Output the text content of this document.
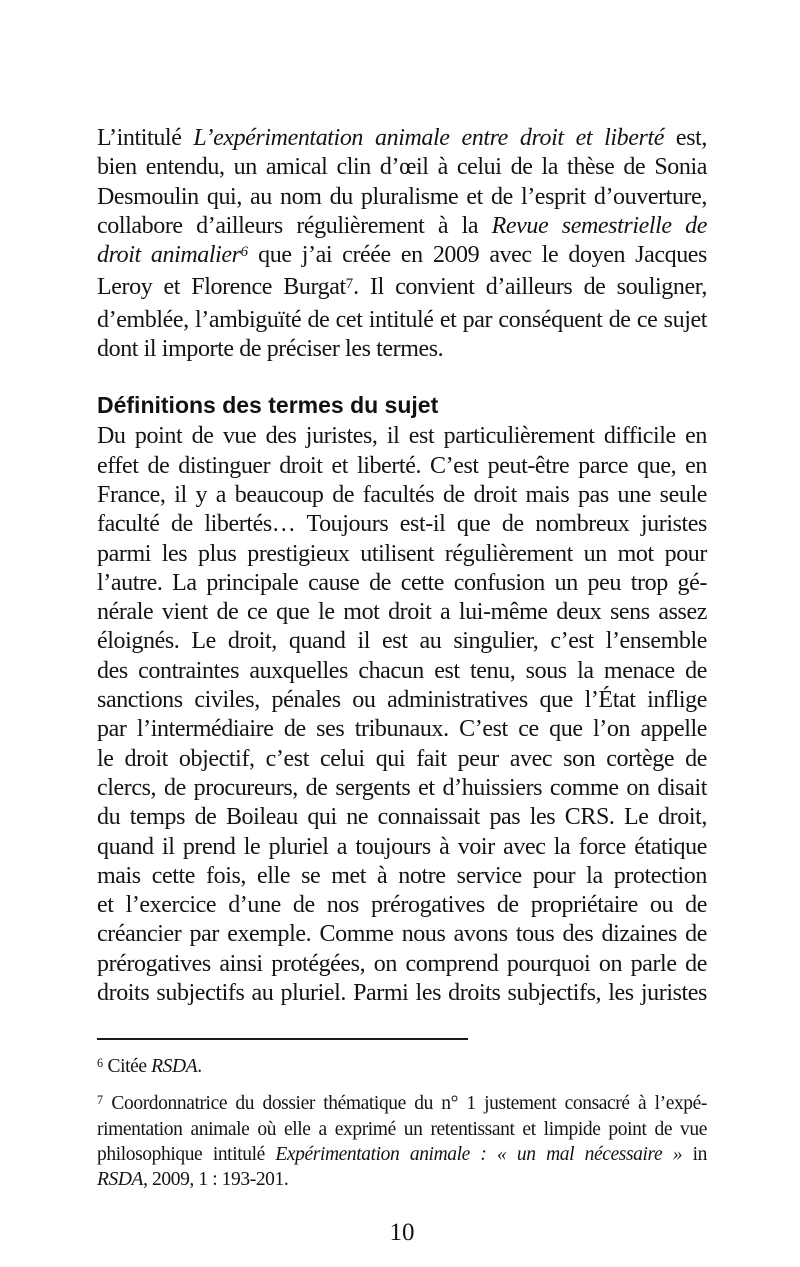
L’intitulé L’expérimentation animale entre droit et liberté est,
bien entendu, un amical clin d’œil à celui de la thèse de Sonia
Desmoulin qui, au nom du pluralisme et de l’esprit d’ouverture,
collabore d’ailleurs régulièrement à la Revue semestrielle de
droit animalier$^6$ que j’ai créée en 2009 avec le doyen Jacques
Leroy et Florence Burgat$^7$. Il convient d’ailleurs de souligner,
d’emblée, l’ambiguïté de cet intitulé et par conséquent de ce sujet
dont il importe de préciser les termes.
Définitions des termes du sujet
Du point de vue des juristes, il est particulièrement difficile en
effet de distinguer droit et liberté. C’est peut-être parce que, en
France, il y a beaucoup de facultés de droit mais pas une seule
faculté de libertés… Toujours est-il que de nombreux juristes
parmi les plus prestigieux utilisent régulièrement un mot pour
l’autre. La principale cause de cette confusion un peu trop gé-
nérale vient de ce que le mot droit a lui-même deux sens assez
éloignés. Le droit, quand il est au singulier, c’est l’ensemble
des contraintes auxquelles chacun est tenu, sous la menace de
sanctions civiles, pénales ou administratives que l’État inflige
par l’intermédiaire de ses tribunaux. C’est ce que l’on appelle
le droit objectif, c’est celui qui fait peur avec son cortège de
clercs, de procureurs, de sergents et d’huissiers comme on disait
du temps de Boileau qui ne connaissait pas les CRS. Le droit,
quand il prend le pluriel a toujours à voir avec la force étatique
mais cette fois, elle se met à notre service pour la protection
et l’exercice d’une de nos prérogatives de propriétaire ou de
créancier par exemple. Comme nous avons tous des dizaines de
prérogatives ainsi protégées, on comprend pourquoi on parle de
droits subjectifs au pluriel. Parmi les droits subjectifs, les juristes
$^6$ Citée RSDA.
$^7$ Coordonnatrice du dossier thématique du n° 1 justement consacré à l’expé-
rimentation animale où elle a exprimé un retentissant et limpide point de vue
philosophique intitulé Expérimentation animale : « un mal nécessaire » in
RSDA, 2009, 1 : 193-201.
10
